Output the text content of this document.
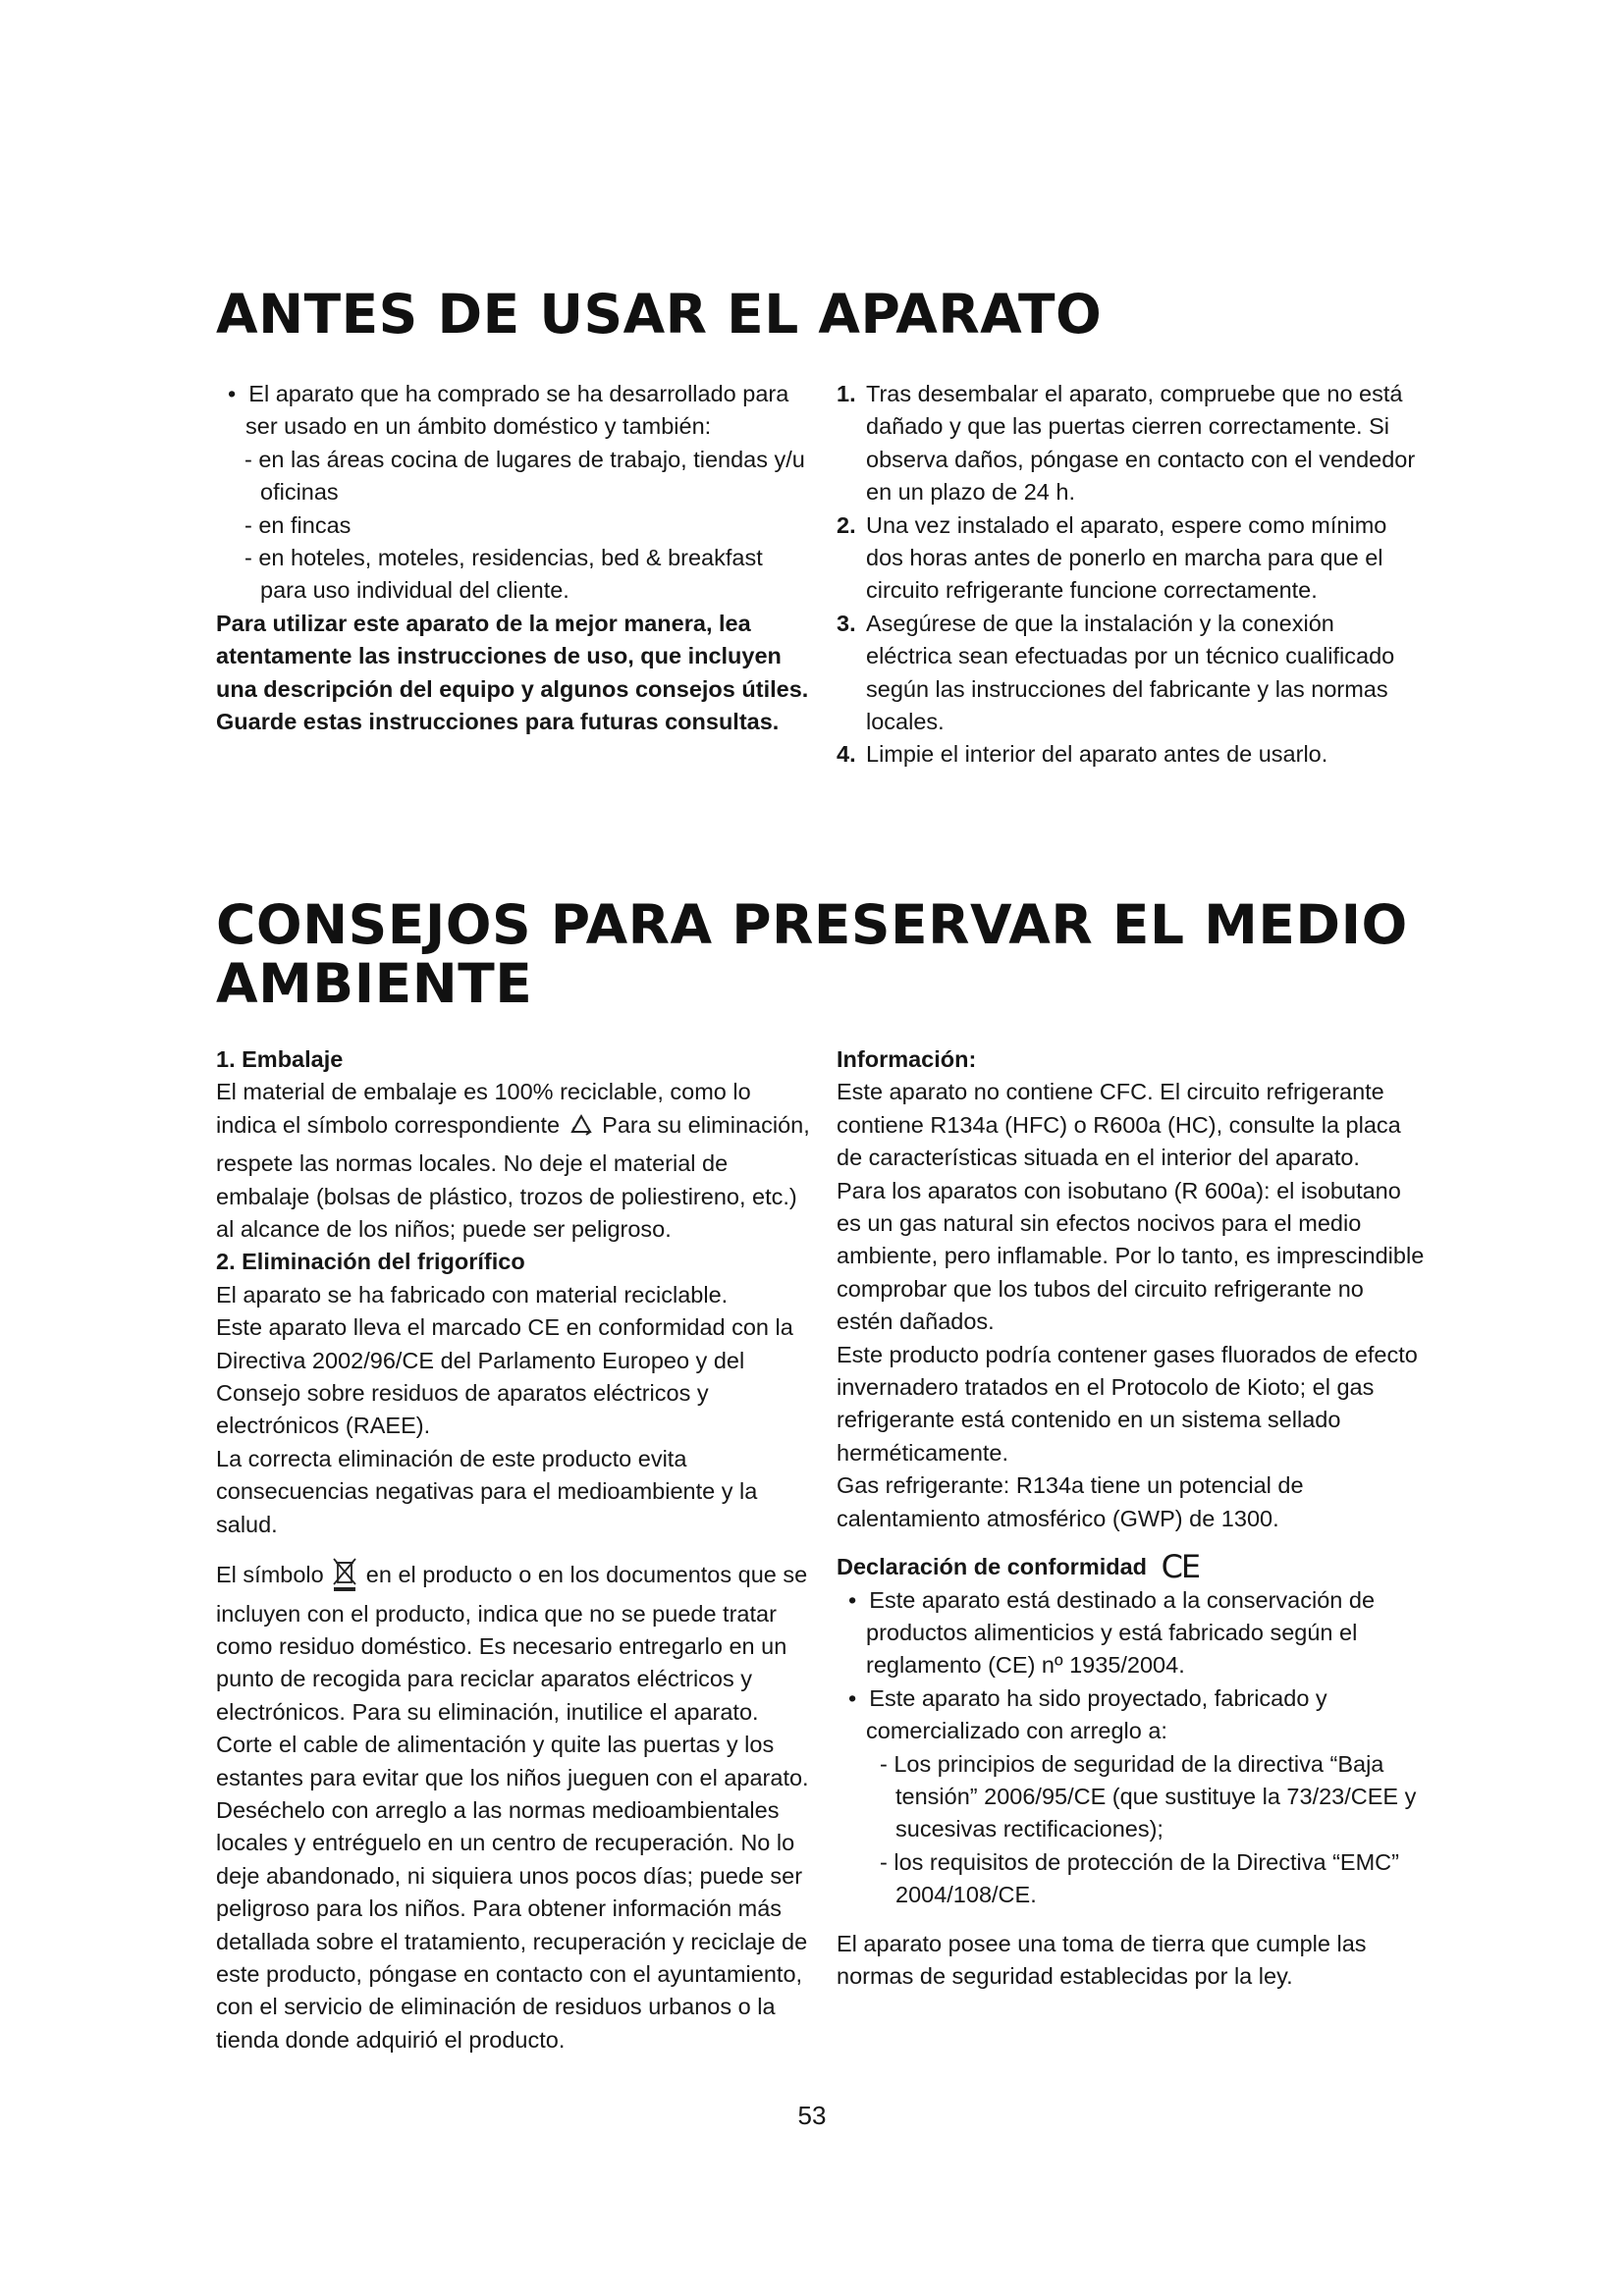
ANTES DE USAR EL APARATO

•  El aparato que ha comprado se ha desarrollado para ser usado en un ámbito doméstico y también:

- en las áreas cocina de lugares de trabajo, tiendas y/u oficinas

- en fincas

- en hoteles, moteles, residencias, bed & breakfast para uso individual del cliente.

Para utilizar este aparato de la mejor manera, lea atentamente las instrucciones de uso, que incluyen una descripción del equipo y algunos consejos útiles.

Guarde estas instrucciones para futuras consultas.

1. Tras desembalar el aparato, compruebe que no está dañado y que las puertas cierren correctamente. Si observa daños, póngase en contacto con el vendedor en un plazo de 24 h.

2. Una vez instalado el aparato, espere como mínimo dos horas antes de ponerlo en marcha para que el circuito refrigerante funcione correctamente.

3. Asegúrese de que la instalación y la conexión eléctrica sean efectuadas por un técnico cualificado según las instrucciones del fabricante y las normas locales.

4. Limpie el interior del aparato antes de usarlo.

CONSEJOS PARA PRESERVAR EL MEDIO
AMBIENTE

1. Embalaje

El material de embalaje es 100% reciclable, como lo indica el símbolo correspondiente Para su eliminación, respete las normas locales. No deje el material de embalaje (bolsas de plástico, trozos de poliestireno, etc.) al alcance de los niños; puede ser peligroso.

2. Eliminación del frigorífico

El aparato se ha fabricado con material reciclable.

Este aparato lleva el marcado CE en conformidad con la Directiva 2002/96/CE del Parlamento Europeo y del Consejo sobre residuos de aparatos eléctricos y electrónicos (RAEE).

La correcta eliminación de este producto evita consecuencias negativas para el medioambiente y la salud.

El símbolo en el producto o en los documentos que se incluyen con el producto, indica que no se puede tratar como residuo doméstico. Es necesario entregarlo en un punto de recogida para reciclar aparatos eléctricos y electrónicos. Para su eliminación, inutilice el aparato. Corte el cable de alimentación y quite las puertas y los estantes para evitar que los niños jueguen con el aparato. Deséchelo con arreglo a las normas medioambientales locales y entréguelo en un centro de recuperación. No lo deje abandonado, ni siquiera unos pocos días; puede ser peligroso para los niños. Para obtener información más detallada sobre el tratamiento, recuperación y reciclaje de este producto, póngase en contacto con el ayuntamiento, con el servicio de eliminación de residuos urbanos o la tienda donde adquirió el producto.

Información:

Este aparato no contiene CFC. El circuito refrigerante contiene R134a (HFC) o R600a (HC), consulte la placa de características situada en el interior del aparato.

Para los aparatos con isobutano (R 600a): el isobutano es un gas natural sin efectos nocivos para el medio ambiente, pero inflamable. Por lo tanto, es imprescindible comprobar que los tubos del circuito refrigerante no estén dañados.

Este producto podría contener gases fluorados de efecto invernadero tratados en el Protocolo de Kioto; el gas refrigerante está contenido en un sistema sellado herméticamente.

Gas refrigerante: R134a tiene un potencial de calentamiento atmosférico (GWP) de 1300.

Declaración de conformidad CE

•  Este aparato está destinado a la conservación de productos alimenticios y está fabricado según el reglamento (CE) nº 1935/2004.

•  Este aparato ha sido proyectado, fabricado y comercializado con arreglo a:

- Los principios de seguridad de la directiva “Baja tensión” 2006/95/CE (que sustituye la 73/23/CEE y sucesivas rectificaciones);

- los requisitos de protección de la Directiva “EMC” 2004/108/CE.

El aparato posee una toma de tierra que cumple las normas de seguridad establecidas por la ley.

53
